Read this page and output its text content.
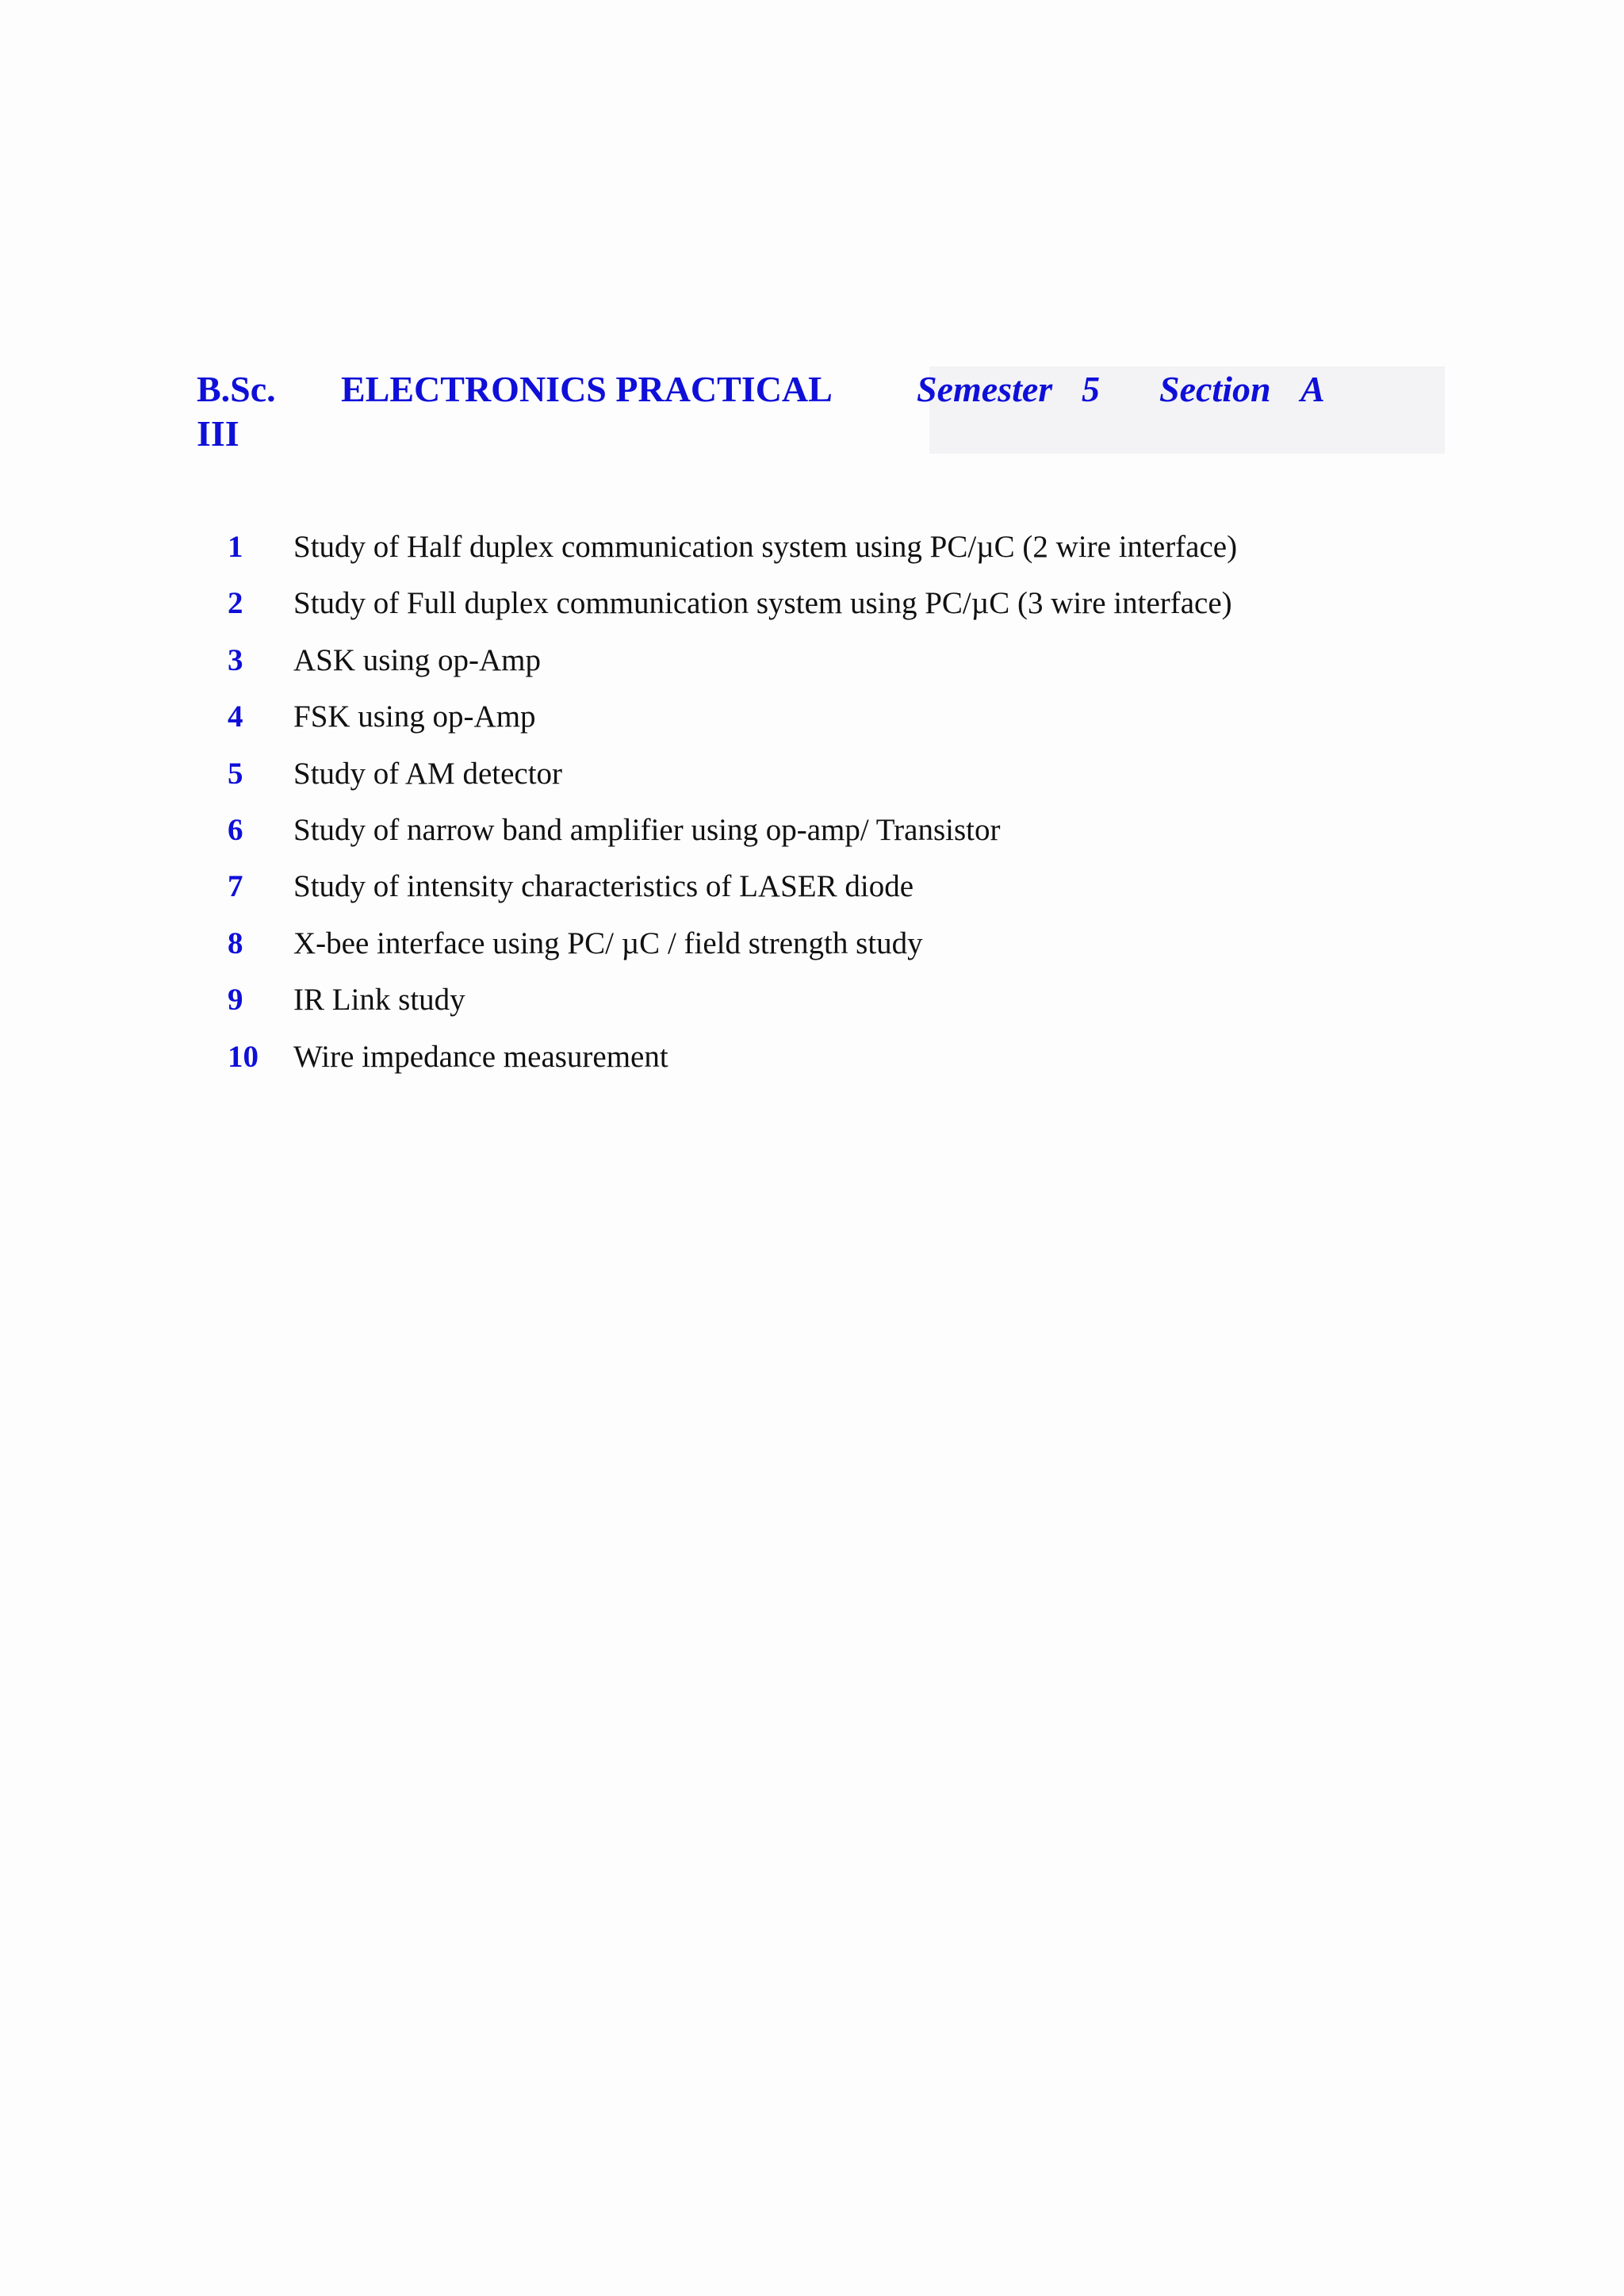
B.Sc.
III
ELECTRONICS PRACTICAL Semester 5 Section A
1 Study of Half duplex communication system using PC/µC (2 wire interface)
2 Study of Full duplex communication system using PC/µC (3 wire interface)
3 ASK using op-Amp
4 FSK using op-Amp
5 Study of AM detector
6 Study of narrow band amplifier using op-amp/ Transistor
7 Study of intensity characteristics of LASER diode
8 X-bee interface using PC/ µC / field strength study
9 IR Link study
10 Wire impedance measurement
